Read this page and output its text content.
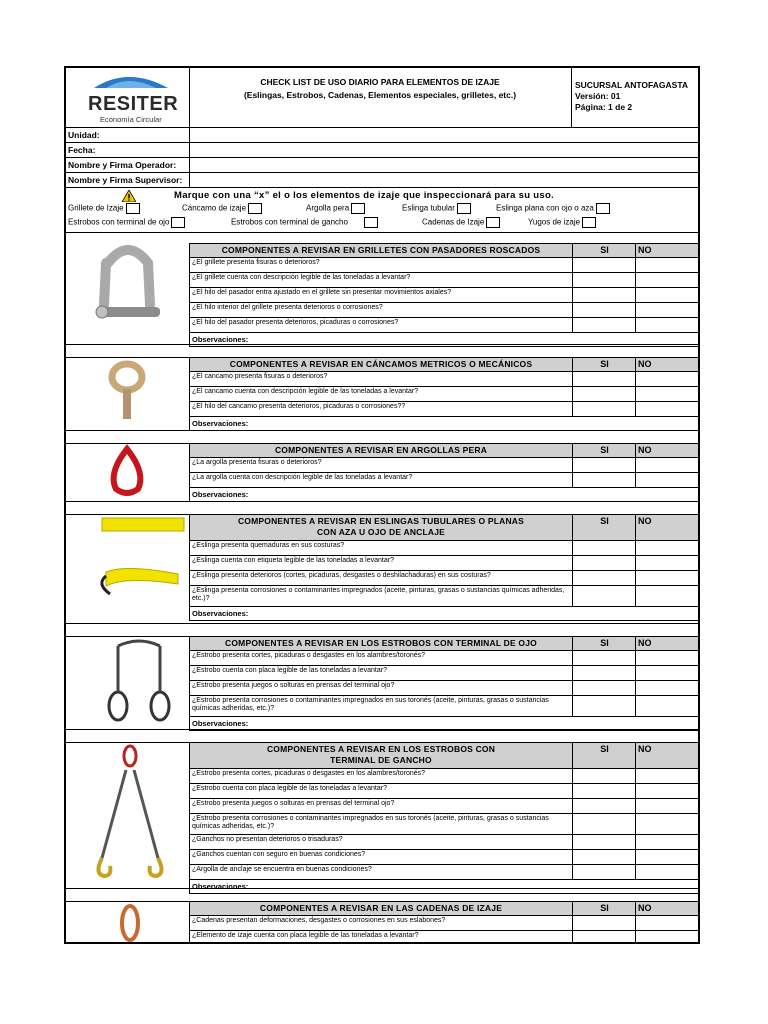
RESITER
Economía Circular
CHECK LIST DE USO DIARIO PARA ELEMENTOS DE IZAJE
(Eslingas, Estrobos, Cadenas, Elementos especiales, grilletes, etc.)
SUCURSAL ANTOFAGASTA
Versión: 01
Página: 1 de 2
Unidad:
Fecha:
Nombre y Firma Operador:
Nombre y Firma Supervisor:
Marque con una “x” el o los elementos de izaje que inspeccionará para su uso.
Grillete de Izaje	Cáncamo de izaje	Argolla pera	Eslinga tubular	Eslinga plana con ojo o aza
Estrobos con terminal de ojo	Estrobos con terminal de gancho	Cadenas de Izaje	Yugos de izaje
COMPONENTES A REVISAR EN GRILLETES CON PASADORES ROSCADOS	SI	NO
¿El grillete presenta fisuras o deterioros?
¿El grillete cuenta con descripción legible de las toneladas a levantar?
¿El hilo del pasador entra ajustado en el grillete sin presentar movimientos axiales?
¿El hilo interior del grillete presenta deterioros o corrosiones?
¿El hilo del pasador presenta deterioros, picaduras o corrosiones?
Observaciones:
COMPONENTES A REVISAR EN CÁNCAMOS METRICOS O MECÁNICOS	SI	NO
¿El cancamo presenta fisuras o deterioros?
¿El cancamo cuenta con descripción legible de las toneladas a levantar?
¿El hilo del cancamo presenta deterioros, picaduras o corrosiones??
Observaciones:
COMPONENTES A REVISAR EN ARGOLLAS PERA	SI	NO
¿La argolla presenta fisuras o deterioros?
¿La argolla cuenta con descripción legible de las toneladas a levantar?
Observaciones:
COMPONENTES A REVISAR EN ESLINGAS TUBULARES O PLANAS
CON AZA U OJO DE ANCLAJE
SI	NO
¿Eslinga presenta quemaduras en sus costuras?
¿Eslinga cuenta con etiqueta legible de las toneladas a levantar?
¿Eslinga presenta deterioros (cortes, picaduras, desgastes o deshilachaduras) en sus costuras?
¿Eslinga presenta corrosiones o contaminantes impregnados (aceite, pinturas, grasas o sustancias químicas adheridas, etc.)?
Observaciones:
COMPONENTES A REVISAR EN LOS ESTROBOS CON TERMINAL DE OJO	SI	NO
¿Estrobo presenta cortes, picaduras o desgastes en los alambres/toronés?
¿Estrobo cuenta con placa legible de las toneladas a levantar?
¿Estrobo presenta juegos o solturas en prensas del terminal ojo?
¿Estrobo presenta corrosiones o contaminantes impregnados en sus toronés (aceite, pinturas, grasas o sustancias químicas adheridas, etc.)?
Observaciones:
COMPONENTES A REVISAR EN LOS ESTROBOS CON
TERMINAL DE GANCHO
SI	NO
¿Estrobo presenta cortes, picaduras o desgastes en los alambres/toronés?
¿Estrobo cuenta con placa legible de las toneladas a levantar?
¿Estrobo presenta juegos o solturas en prensas del terminal ojo?
¿Estrobo presenta corrosiones o contaminantes impregnados en sus toronés (aceite, pinturas, grasas o sustancias químicas adheridas, etc.)?
¿Ganchos no presentan deterioros o trisaduras?
¿Ganchos cuentan con seguro en buenas condiciones?
¿Argolla de anclaje se encuentra en buenas condiciones?
Observaciones:
COMPONENTES A REVISAR EN LAS CADENAS DE IZAJE	SI	NO
¿Cadenas presentan deformaciones, desgastes o corrosiones en sus eslabones?
¿Elemento de izaje cuenta con placa legible de las toneladas a levantar?
